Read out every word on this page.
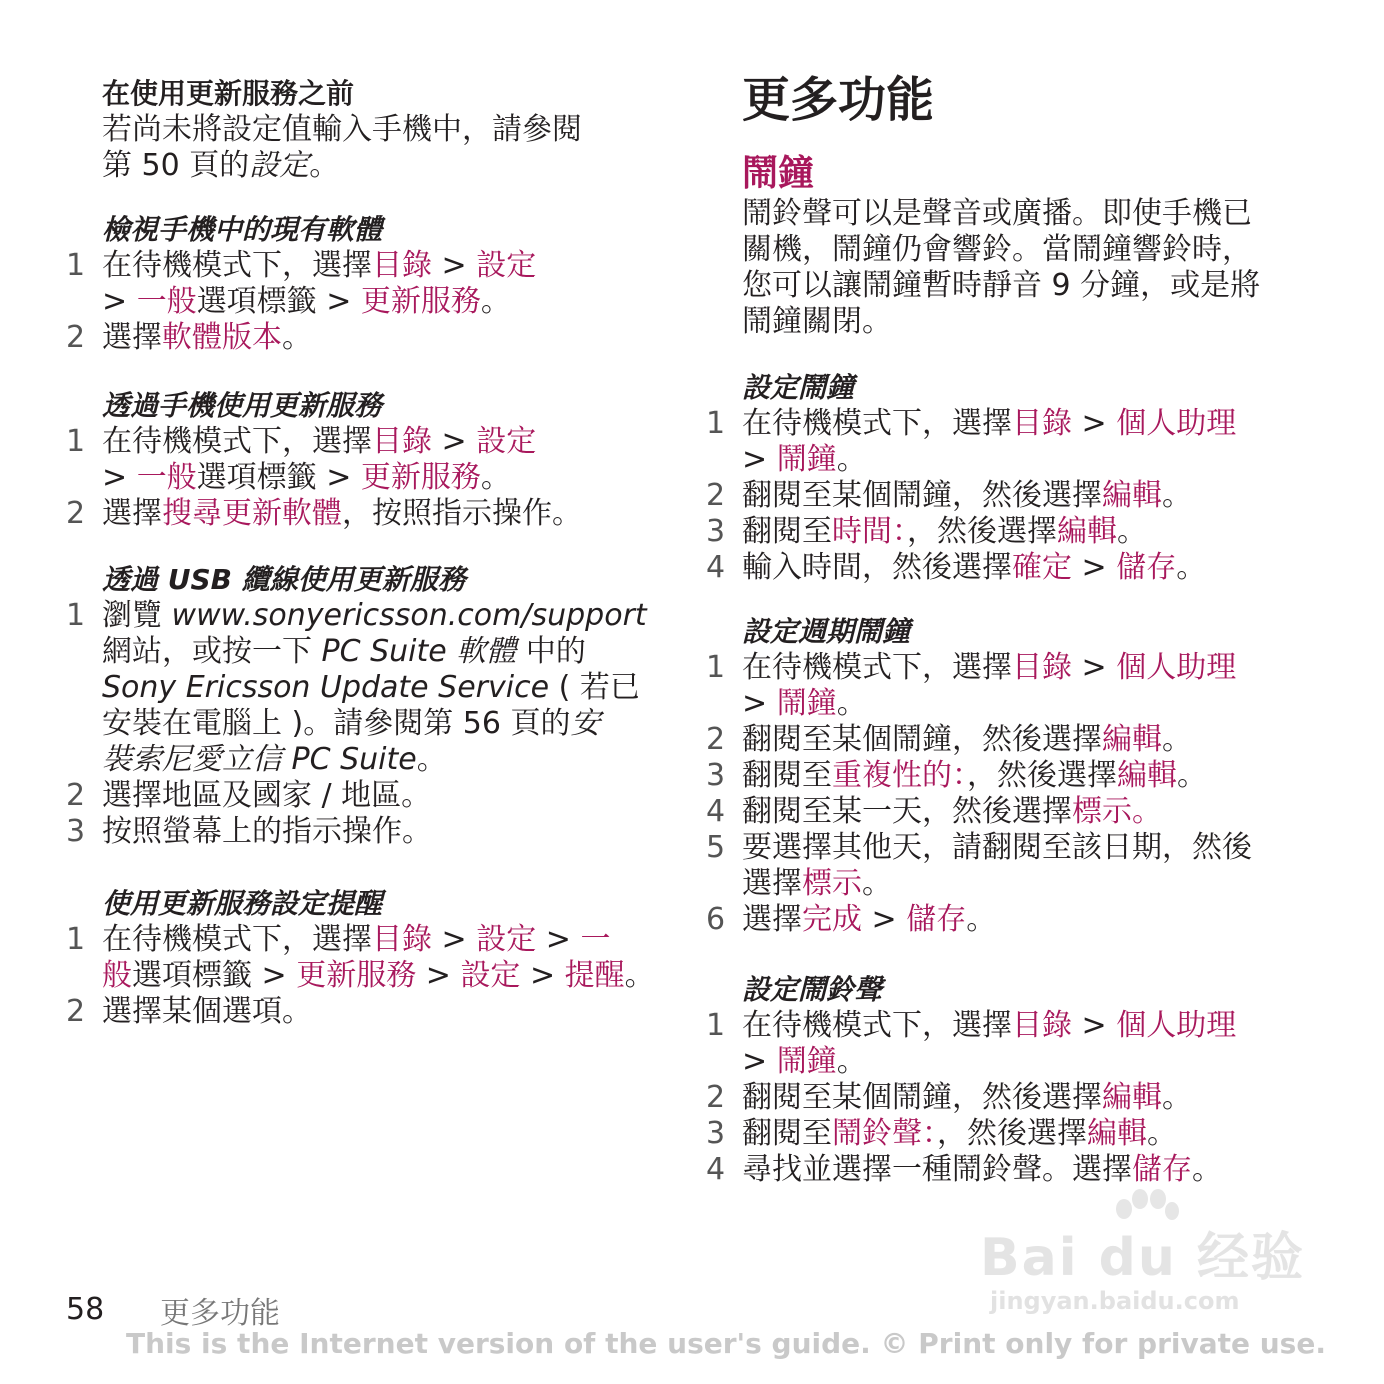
在使用更新服務之前

若尚未將設定值輸入手機中，請參閱

第 50 頁的設定。

檢視手機中的現有軟體
1 在待機模式下，選擇目錄 > 設定
> 一般選項標籤 > 更新服務。
2 選擇軟體版本。
透過手機使用更新服務
1 在待機模式下，選擇目錄 > 設定
> 一般選項標籤 > 更新服務。
2 選擇搜尋更新軟體，按照指示操作。
透過 USB 纜線使用更新服務
1 瀏覽 www.sonyericsson.com/support
網站，或按一下 PC Suite 軟體 中的
Sony Ericsson Update Service ( 若已
安裝在電腦上 )。請參閱第 56 頁的安
裝索尼愛立信 PC Suite。
2 選擇地區及國家 / 地區。
3 按照螢幕上的指示操作。
使用更新服務設定提醒
1 在待機模式下，選擇目錄 > 設定 > 一
般選項標籤 > 更新服務 > 設定 > 提醒。
2 選擇某個選項。
更多功能
鬧鐘

鬧鈴聲可以是聲音或廣播。即使手機已

關機，鬧鐘仍會響鈴。當鬧鐘響鈴時，

您可以讓鬧鐘暫時靜音 9 分鐘，或是將

鬧鐘關閉。

設定鬧鐘
1 在待機模式下，選擇目錄 > 個人助理
> 鬧鐘。
2 翻閱至某個鬧鐘，然後選擇編輯。
3 翻閱至時間：，然後選擇編輯。
4 輸入時間，然後選擇確定 > 儲存。
設定週期鬧鐘
1 在待機模式下，選擇目錄 > 個人助理
> 鬧鐘。
2 翻閱至某個鬧鐘，然後選擇編輯。
3 翻閱至重複性的：，然後選擇編輯。
4 翻閱至某一天，然後選擇標示。
5 要選擇其他天，請翻閱至該日期，然後
選擇標示。
6 選擇完成 > 儲存。
設定鬧鈴聲
1 在待機模式下，選擇目錄 > 個人助理
> 鬧鐘。
2 翻閱至某個鬧鐘，然後選擇編輯。
3 翻閱至鬧鈴聲：，然後選擇編輯。
4 尋找並選擇一種鬧鈴聲。選擇儲存。
Bai du 经验
jingyan.baidu.com
58 更多功能
This is the Internet version of the user's guide. © Print only for private use.
